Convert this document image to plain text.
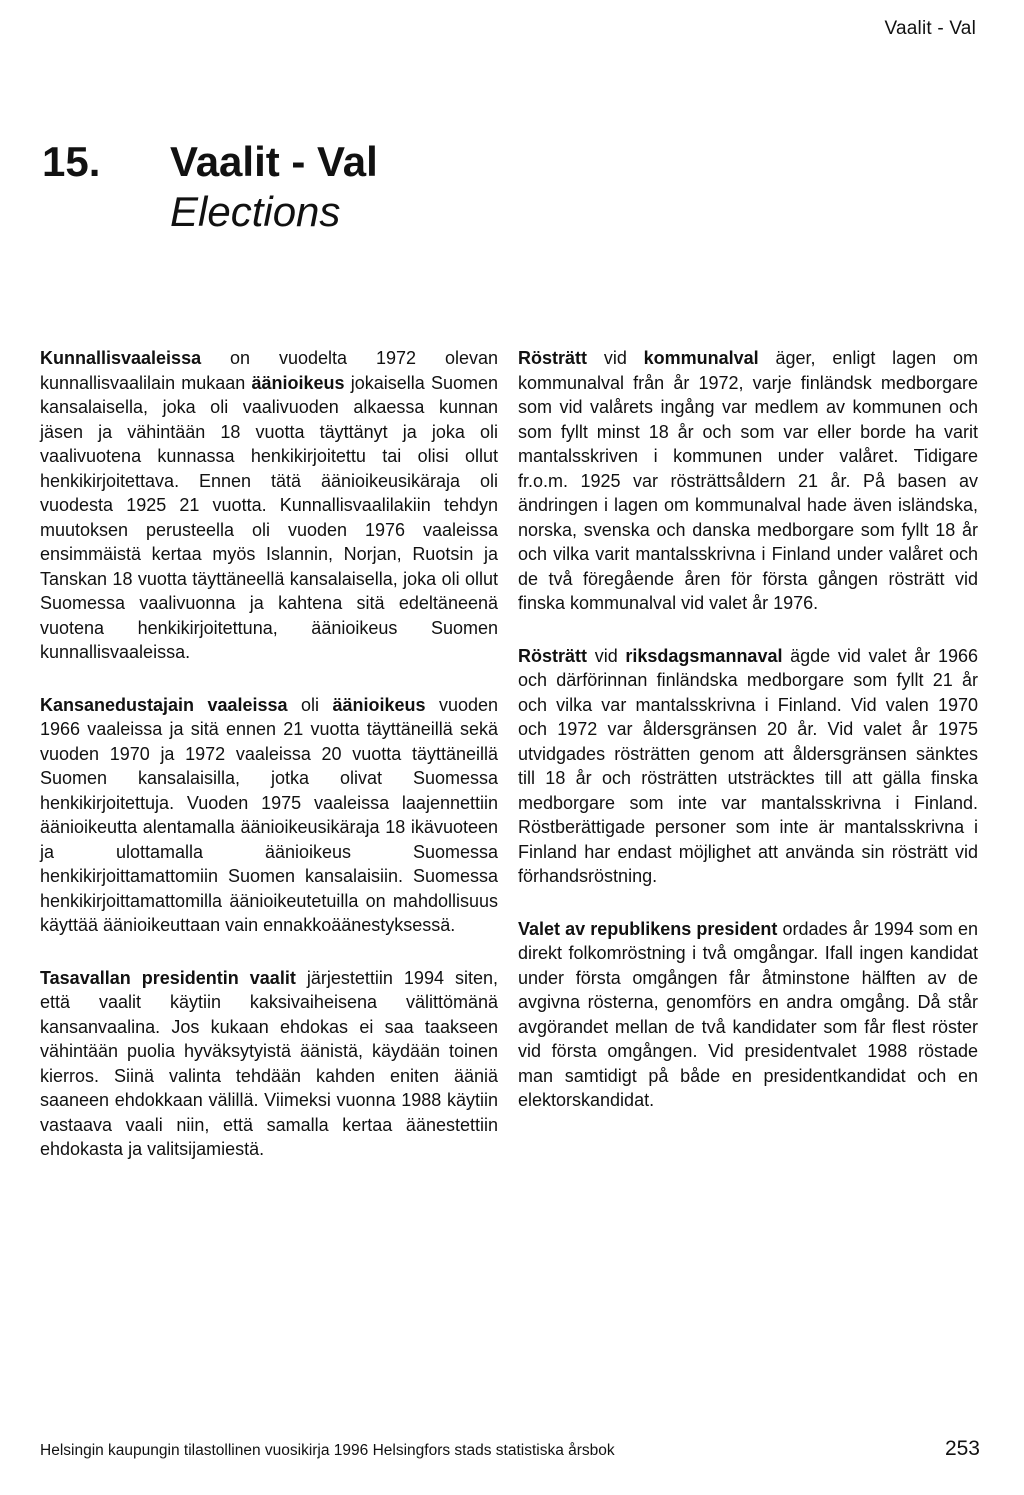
Vaalit - Val
15.	Vaalit - Val
Elections

Kunnallisvaaleissa on vuodelta 1972 olevan kunnallisvaalilain mukaan äänioikeus jokaisella Suomen kansalaisella, joka oli vaalivuoden alkaessa kunnan jäsen ja vähintään 18 vuotta täyttänyt ja joka oli vaalivuotena kunnassa henkikirjoitettu tai olisi ollut henkikirjoitettava. Ennen tätä äänioikeusikäraja oli vuodesta 1925 21 vuotta. Kunnallisvaalilakiin tehdyn muutoksen perusteella oli vuoden 1976 vaaleissa ensimmäistä kertaa myös Islannin, Norjan, Ruotsin ja Tanskan 18 vuotta täyttäneellä kansalaisella, joka oli ollut Suomessa vaalivuonna ja kahtena sitä edeltäneenä vuotena henkikirjoitettuna, äänioikeus Suomen kunnallisvaaleissa.

Kansanedustajain vaaleissa oli äänioikeus vuoden 1966 vaaleissa ja sitä ennen 21 vuotta täyttäneillä sekä vuoden 1970 ja 1972 vaaleissa 20 vuotta täyttäneillä Suomen kansalaisilla, jotka olivat Suomessa henkikirjoitettuja. Vuoden 1975 vaaleissa laajennettiin äänioikeutta alentamalla äänioikeusikäraja 18 ikävuoteen ja ulottamalla äänioikeus Suomessa henkikirjoittamattomiin Suomen kansalaisiin. Suomessa henkikirjoittamattomilla äänioikeutetuilla on mahdollisuus käyttää äänioikeuttaan vain ennakkoäänestyksessä.

Tasavallan presidentin vaalit järjestettiin 1994 siten, että vaalit käytiin kaksivaiheisena välittömänä kansanvaalina. Jos kukaan ehdokas ei saa taakseen vähintään puolia hyväksytyistä äänistä, käydään toinen kierros. Siinä valinta tehdään kahden eniten ääniä saaneen ehdokkaan välillä. Viimeksi vuonna 1988 käytiin vastaava vaali niin, että samalla kertaa äänestettiin ehdokasta ja valitsijamiestä.

Rösträtt vid kommunalval äger, enligt lagen om kommunalval från år 1972, varje finländsk medborgare som vid valårets ingång var medlem av kommunen och som fyllt minst 18 år och som var eller borde ha varit mantalsskriven i kommunen under valåret. Tidigare fr.o.m. 1925 var rösträttsåldern 21 år. På basen av ändringen i lagen om kommunalval hade även isländska, norska, svenska och danska medborgare som fyllt 18 år och vilka varit mantalsskrivna i Finland under valåret och de två föregående åren för första gången rösträtt vid finska kommunalval vid valet år 1976.

Rösträtt vid riksdagsmannaval ägde vid valet år 1966 och därförinnan finländska medborgare som fyllt 21 år och vilka var mantalsskrivna i Finland. Vid valen 1970 och 1972 var åldersgränsen 20 år. Vid valet år 1975 utvidgades rösträtten genom att åldersgränsen sänktes till 18 år och rösträtten utsträcktes till att gälla finska medborgare som inte var mantalsskrivna i Finland. Röstberättigade personer som inte är mantalsskrivna i Finland har endast möjlighet att använda sin rösträtt vid förhandsröstning.

Valet av republikens president ordades år 1994 som en direkt folkomröstning i två omgångar. Ifall ingen kandidat under första omgången får åtminstone hälften av de avgivna rösterna, genomförs en andra omgång. Då står avgörandet mellan de två kandidater som får flest röster vid första omgången. Vid presidentvalet 1988 röstade man samtidigt på både en presidentkandidat och en elektorskandidat.

Helsingin kaupungin tilastollinen vuosikirja 1996 Helsingfors stads statistiska årsbok	253
